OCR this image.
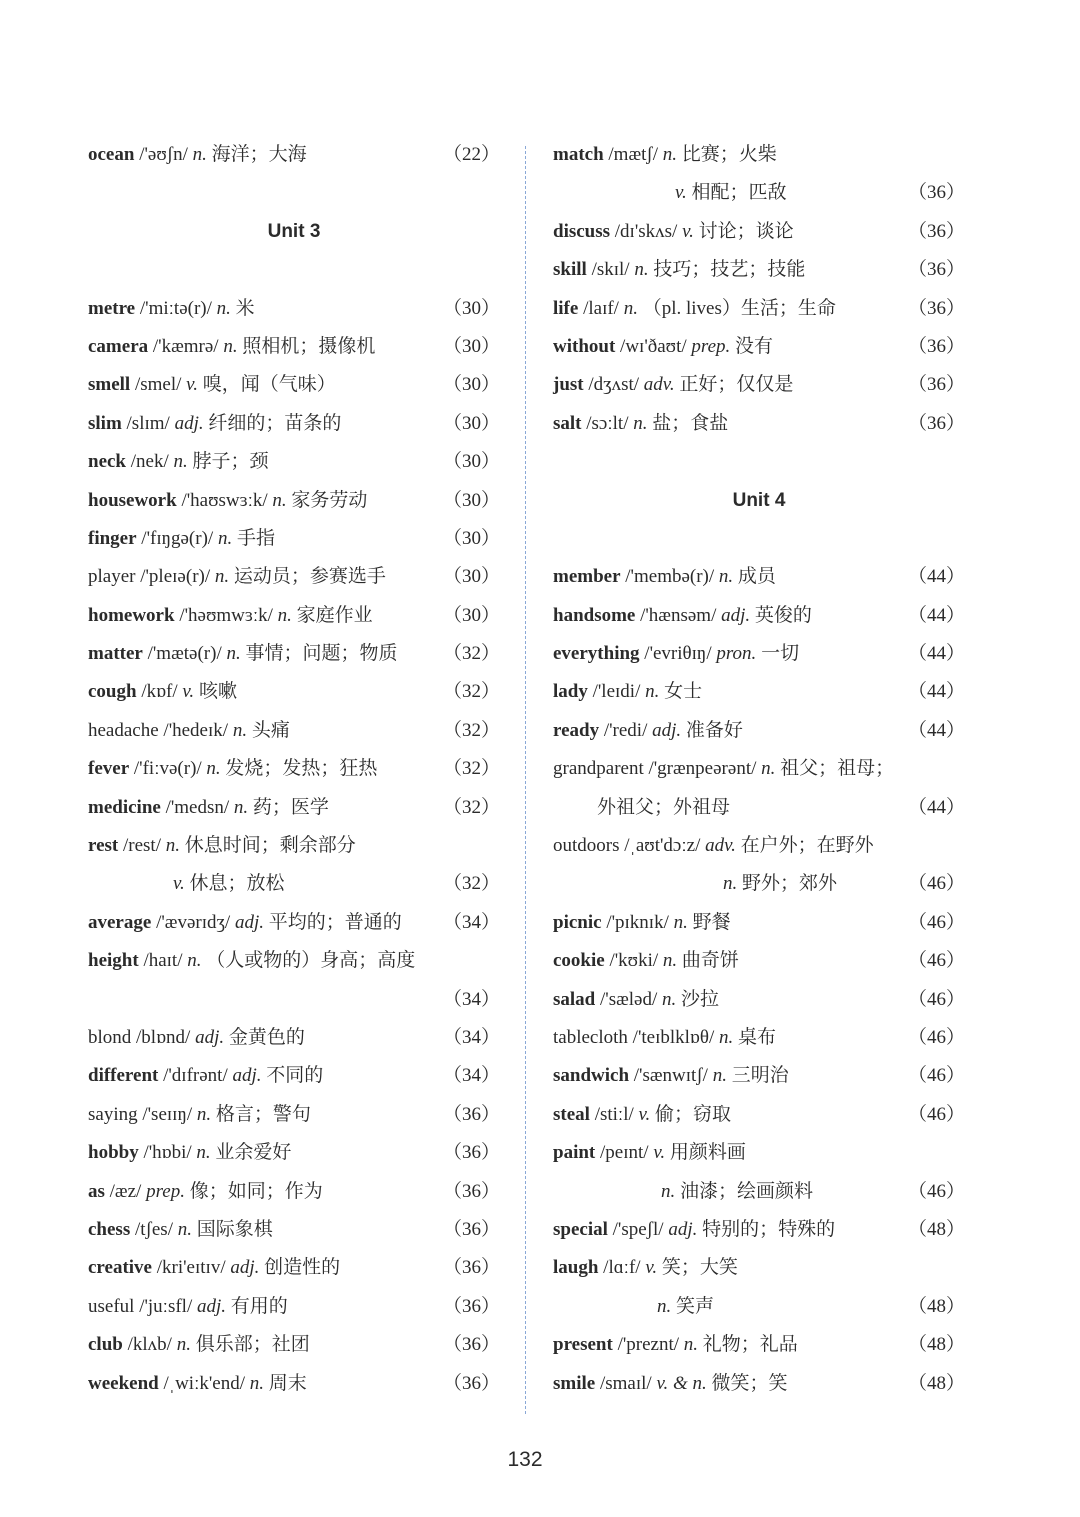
ocean /'əʊʃn/ n. 海洋；大海	（22）
Unit 3
metre /'miːtə(r)/ n. 米	（30）
camera /'kæmrə/ n. 照相机；摄像机	（30）
smell /smel/ v. 嗅，闻（气味）	（30）
slim /slɪm/ adj. 纤细的；苗条的	（30）
neck /nek/ n. 脖子；颈	（30）
housework /'haʊswɜːk/ n. 家务劳动	（30）
finger /'fɪŋgə(r)/ n. 手指	（30）
player /'pleɪə(r)/ n. 运动员；参赛选手	（30）
homework /'həʊmwɜːk/ n. 家庭作业	（30）
matter /'mætə(r)/ n. 事情；问题；物质 （32）
cough /kɒf/ v. 咳嗽	（32）
headache /'hedeɪk/ n. 头痛	（32）
fever /'fiːvə(r)/ n. 发烧；发热；狂热	（32）
medicine /'medsn/ n. 药；医学	（32）
rest /rest/ n. 休息时间；剩余部分
v. 休息；放松	（32）
average /'ævərɪdʒ/ adj. 平均的；普通的 （34）
height /haɪt/ n. （人或物的）身高；高度
（34）
blond /blɒnd/ adj. 金黄色的	（34）
different /'dɪfrənt/ adj. 不同的	（34）
saying /'seɪɪŋ/ n. 格言；警句	（36）
hobby /'hɒbi/ n. 业余爱好	（36）
as /æz/ prep. 像；如同；作为	（36）
chess /tʃes/ n. 国际象棋	（36）
creative /kri'eɪtɪv/ adj. 创造性的	（36）
useful /'juːsfl/ adj. 有用的	（36）
club /klʌb/ n. 俱乐部；社团	（36）
weekend /ˌwiːk'end/ n. 周末	（36）
match /mætʃ/ n. 比赛；火柴
v. 相配；匹敌	（36）
discuss /dɪ'skʌs/ v. 讨论；谈论	（36）
skill /skɪl/ n. 技巧；技艺；技能	（36）
life /laɪf/ n. （pl. lives）生活；生命	（36）
without /wɪ'ðaʊt/ prep. 没有	（36）
just /dʒʌst/ adv. 正好；仅仅是	（36）
salt /sɔːlt/ n. 盐；食盐	（36）
Unit 4
member /'membə(r)/ n. 成员	（44）
handsome /'hænsəm/ adj. 英俊的	（44）
everything /'evriθɪŋ/ pron. 一切	（44）
lady /'leɪdi/ n. 女士	（44）
ready /'redi/ adj. 准备好	（44）
grandparent /'grænpeərənt/ n. 祖父；祖母；
外祖父；外祖母	（44）
outdoors /ˌaʊt'dɔːz/ adv. 在户外；在野外
n. 野外；郊外	（46）
picnic /'pɪknɪk/ n. 野餐	（46）
cookie /'kʊki/ n. 曲奇饼	（46）
salad /'sæləd/ n. 沙拉	（46）
tablecloth /'teɪblklɒθ/ n. 桌布	（46）
sandwich /'sænwɪtʃ/ n. 三明治	（46）
steal /stiːl/ v. 偷；窃取	（46）
paint /peɪnt/ v. 用颜料画
n. 油漆；绘画颜料	（46）
special /'speʃl/ adj. 特别的；特殊的	（48）
laugh /lɑːf/ v. 笑；大笑
n. 笑声	（48）
present /'preznt/ n. 礼物；礼品	（48）
smile /smaɪl/ v. & n. 微笑；笑	（48）
132
